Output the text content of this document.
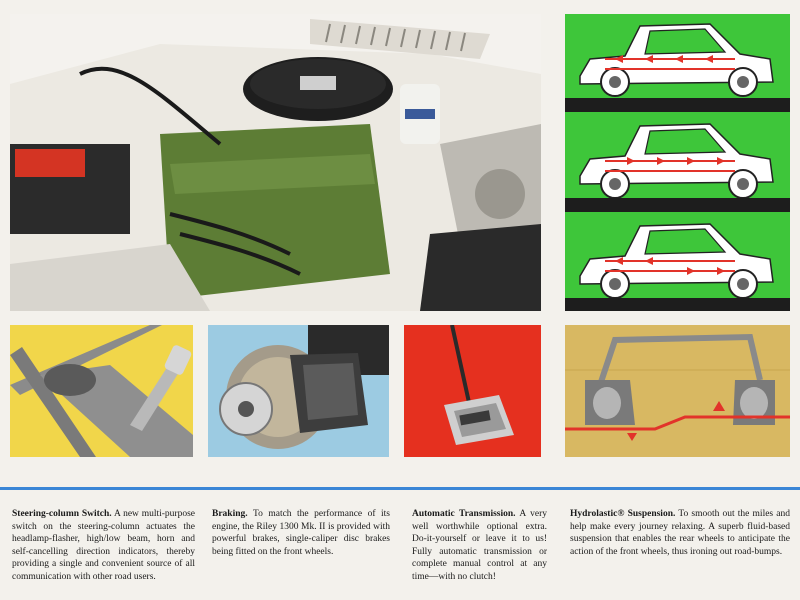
Steering-column Switch. A new multi-purpose switch on the steering-column actuates the headlamp-flasher, high/low beam, horn and self-cancelling direction indicators, thereby providing a single and convenient source of all communication with other road users.

Braking. To match the performance of its engine, the Riley 1300 Mk. II is provided with powerful brakes, single-caliper disc brakes being fitted on the front wheels.

Automatic Transmission. A very well worthwhile optional extra. Do-it-yourself or leave it to us! Fully automatic transmission or complete manual control at any time—with no clutch!

Hydrolastic® Suspension. To smooth out the miles and help make every journey relaxing. A superb fluid-based suspension that enables the rear wheels to anticipate the action of the front wheels, thus ironing out road-bumps.
